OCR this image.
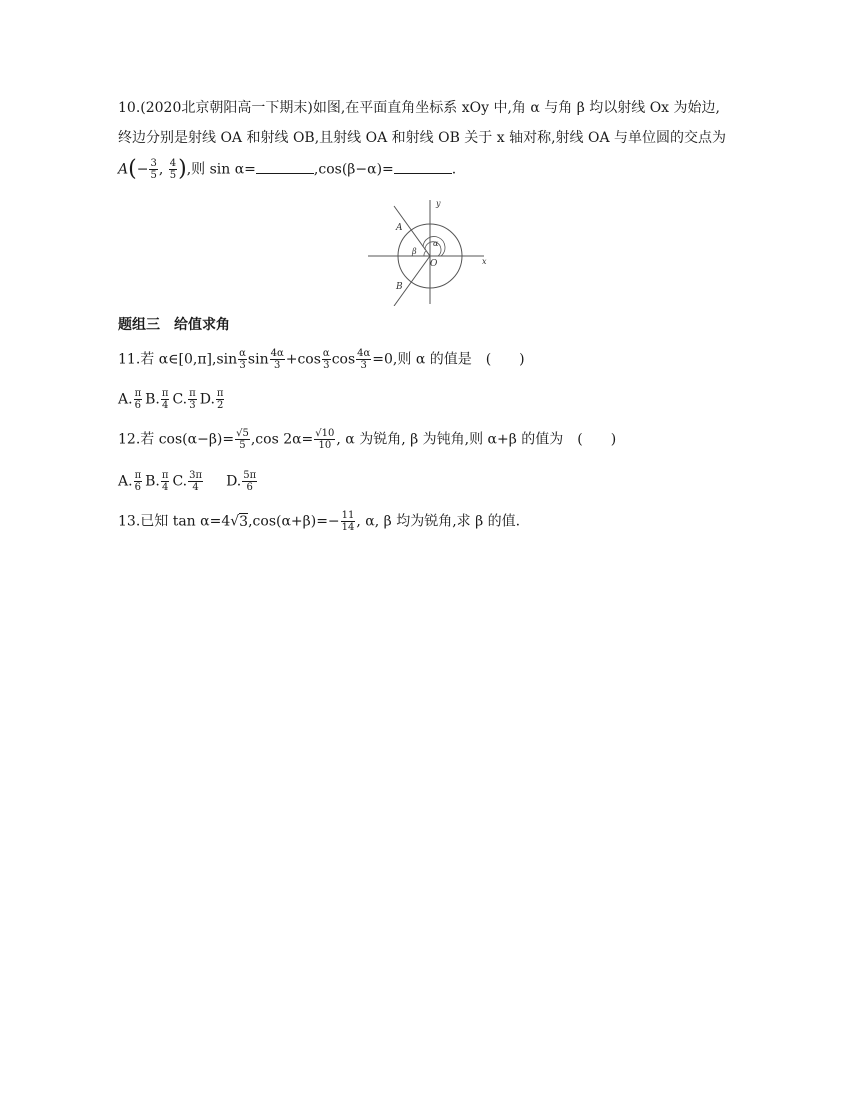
10.(2020北京朝阳高一下期末)如图,在平面直角坐标系 xOy 中,角 α 与角 β 均以射线 Ox 为始边,
终边分别是射线 OA 和射线 OB,且射线 OA 和射线 OB 关于 x 轴对称,射线 OA 与单位圆的交点为
$A(- \frac{3}{5}$ , $\frac{4}{5}$ ),则 sin α=	,cos(β−α)=	.
y
x
O
A
B
α
β
题组三　给值求角
11.若 α∈[0,π],sin $\frac{\alpha}{3}$ $\sin \frac{4\alpha}{3} +\cos \frac{\alpha}{3}$ $\cos \frac{4\alpha}{3} =0$,则 α 的值是　(　　)
A. $\frac{\pi}{6} B$. $\frac{\pi}{4} C$. $\frac{\pi}{3} D$. $\frac{\pi}{2}$
12.若 $\cos(\alpha-\beta)= \frac{√5}{5} ,\cos$ $2\alpha= \frac{√10}{10}$ , α 为锐角, β 为钝角,则 α+β 的值为　(　　)
A. $\frac{\pi}{6} B$. $\frac{\pi}{4} C$. $\frac{3\pi}{4} D$. $\frac{5\pi}{6}$
13.已知 $\tan \alpha=4√3,\cos(\alpha+\beta)=- \frac{11}{14}$ , α, β 均为锐角,求 β 的值.
